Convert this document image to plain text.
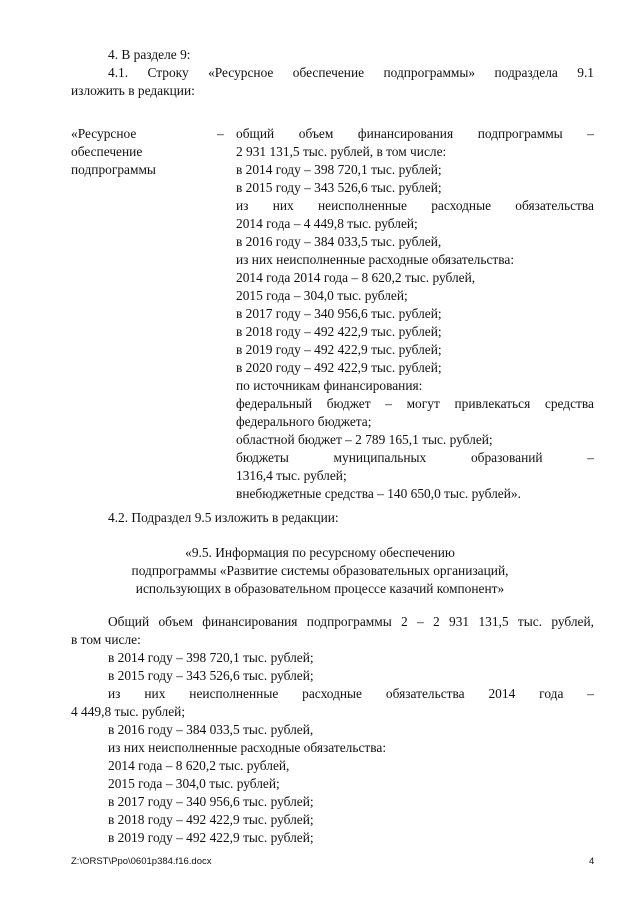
4. В разделе 9:
4.1. Строку «Ресурсное обеспечение подпрограммы» подраздела 9.1
изложить в редакции:
«Ресурсное
обеспечение
подпрограммы
– общий объем финансирования подпрограммы –
2 931 131,5 тыс. рублей, в том числе:
в 2014 году – 398 720,1 тыс. рублей;
в 2015 году – 343 526,6 тыс. рублей;
из них неисполненные расходные обязательства
2014 года – 4 449,8 тыс. рублей;
в 2016 году – 384 033,5 тыс. рублей,
из них неисполненные расходные обязательства:
2014 года 2014 года – 8 620,2 тыс. рублей,
2015 года – 304,0 тыс. рублей;
в 2017 году – 340 956,6 тыс. рублей;
в 2018 году – 492 422,9 тыс. рублей;
в 2019 году – 492 422,9 тыс. рублей;
в 2020 году – 492 422,9 тыс. рублей;
по источникам финансирования:
федеральный бюджет – могут привлекаться средства
федерального бюджета;
областной бюджет – 2 789 165,1 тыс. рублей;
бюджеты муниципальных образований –
1316,4 тыс. рублей;
внебюджетные средства – 140 650,0 тыс. рублей».
4.2. Подраздел 9.5 изложить в редакции:
«9.5. Информация по ресурсному обеспечению
подпрограммы «Развитие системы образовательных организаций,
использующих в образовательном процессе казачий компонент»
Общий объем финансирования подпрограммы 2 – 2 931 131,5 тыс. рублей,
в том числе:
в 2014 году – 398 720,1 тыс. рублей;
в 2015 году – 343 526,6 тыс. рублей;
из них неисполненные расходные обязательства 2014 года –
4 449,8 тыс. рублей;
в 2016 году – 384 033,5 тыс. рублей,
из них неисполненные расходные обязательства:
2014 года – 8 620,2 тыс. рублей,
2015 года – 304,0 тыс. рублей;
в 2017 году – 340 956,6 тыс. рублей;
в 2018 году – 492 422,9 тыс. рублей;
в 2019 году – 492 422,9 тыс. рублей;
Z:\ORST\Ppo\0601p384.f16.docx	4
